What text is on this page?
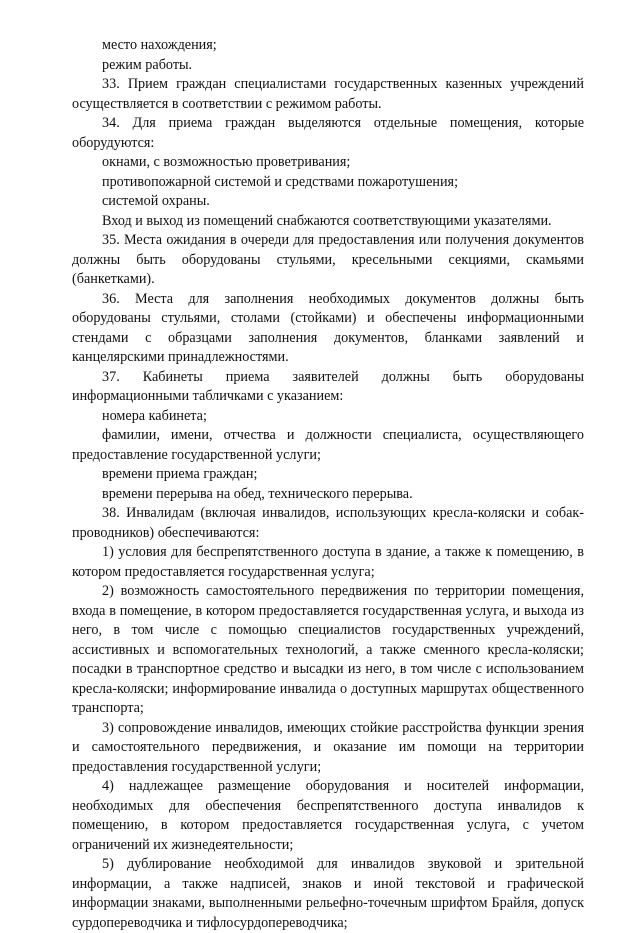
место нахождения;

режим работы.

33. Прием граждан специалистами государственных казенных учреждений осуществляется в соответствии с режимом работы.

34. Для приема граждан выделяются отдельные помещения, которые оборудуются:

окнами, с возможностью проветривания;

противопожарной системой и средствами пожаротушения;

системой охраны.

Вход и выход из помещений снабжаются соответствующими указателями.

35. Места ожидания в очереди для предоставления или получения документов должны быть оборудованы стульями, кресельными секциями, скамьями (банкетками).

36. Места для заполнения необходимых документов должны быть оборудованы стульями, столами (стойками) и обеспечены информационными стендами с образцами заполнения документов, бланками заявлений и канцелярскими принадлежностями.

37. Кабинеты приема заявителей должны быть оборудованы информационными табличками с указанием:

номера кабинета;

фамилии, имени, отчества и должности специалиста, осуществляющего предоставление государственной услуги;

времени приема граждан;

времени перерыва на обед, технического перерыва.

38. Инвалидам (включая инвалидов, использующих кресла-коляски и собак-проводников) обеспечиваются:

1) условия для беспрепятственного доступа в здание, а также к помещению, в котором предоставляется государственная услуга;

2) возможность самостоятельного передвижения по территории помещения, входа в помещение, в котором предоставляется государственная услуга, и выхода из него, в том числе с помощью специалистов государственных учреждений, ассистивных и вспомогательных технологий, а также сменного кресла-коляски; посадки в транспортное средство и высадки из него, в том числе с использованием кресла-коляски; информирование инвалида о доступных маршрутах общественного транспорта;

3) сопровождение инвалидов, имеющих стойкие расстройства функции зрения и самостоятельного передвижения, и оказание им помощи на территории предоставления государственной услуги;

4) надлежащее размещение оборудования и носителей информации, необходимых для обеспечения беспрепятственного доступа инвалидов к помещению, в котором предоставляется государственная услуга, с учетом ограничений их жизнедеятельности;

5) дублирование необходимой для инвалидов звуковой и зрительной информации, а также надписей, знаков и иной текстовой и графической информации знаками, выполненными рельефно-точечным шрифтом Брайля, допуск сурдопереводчика и тифлосурдопереводчика;
